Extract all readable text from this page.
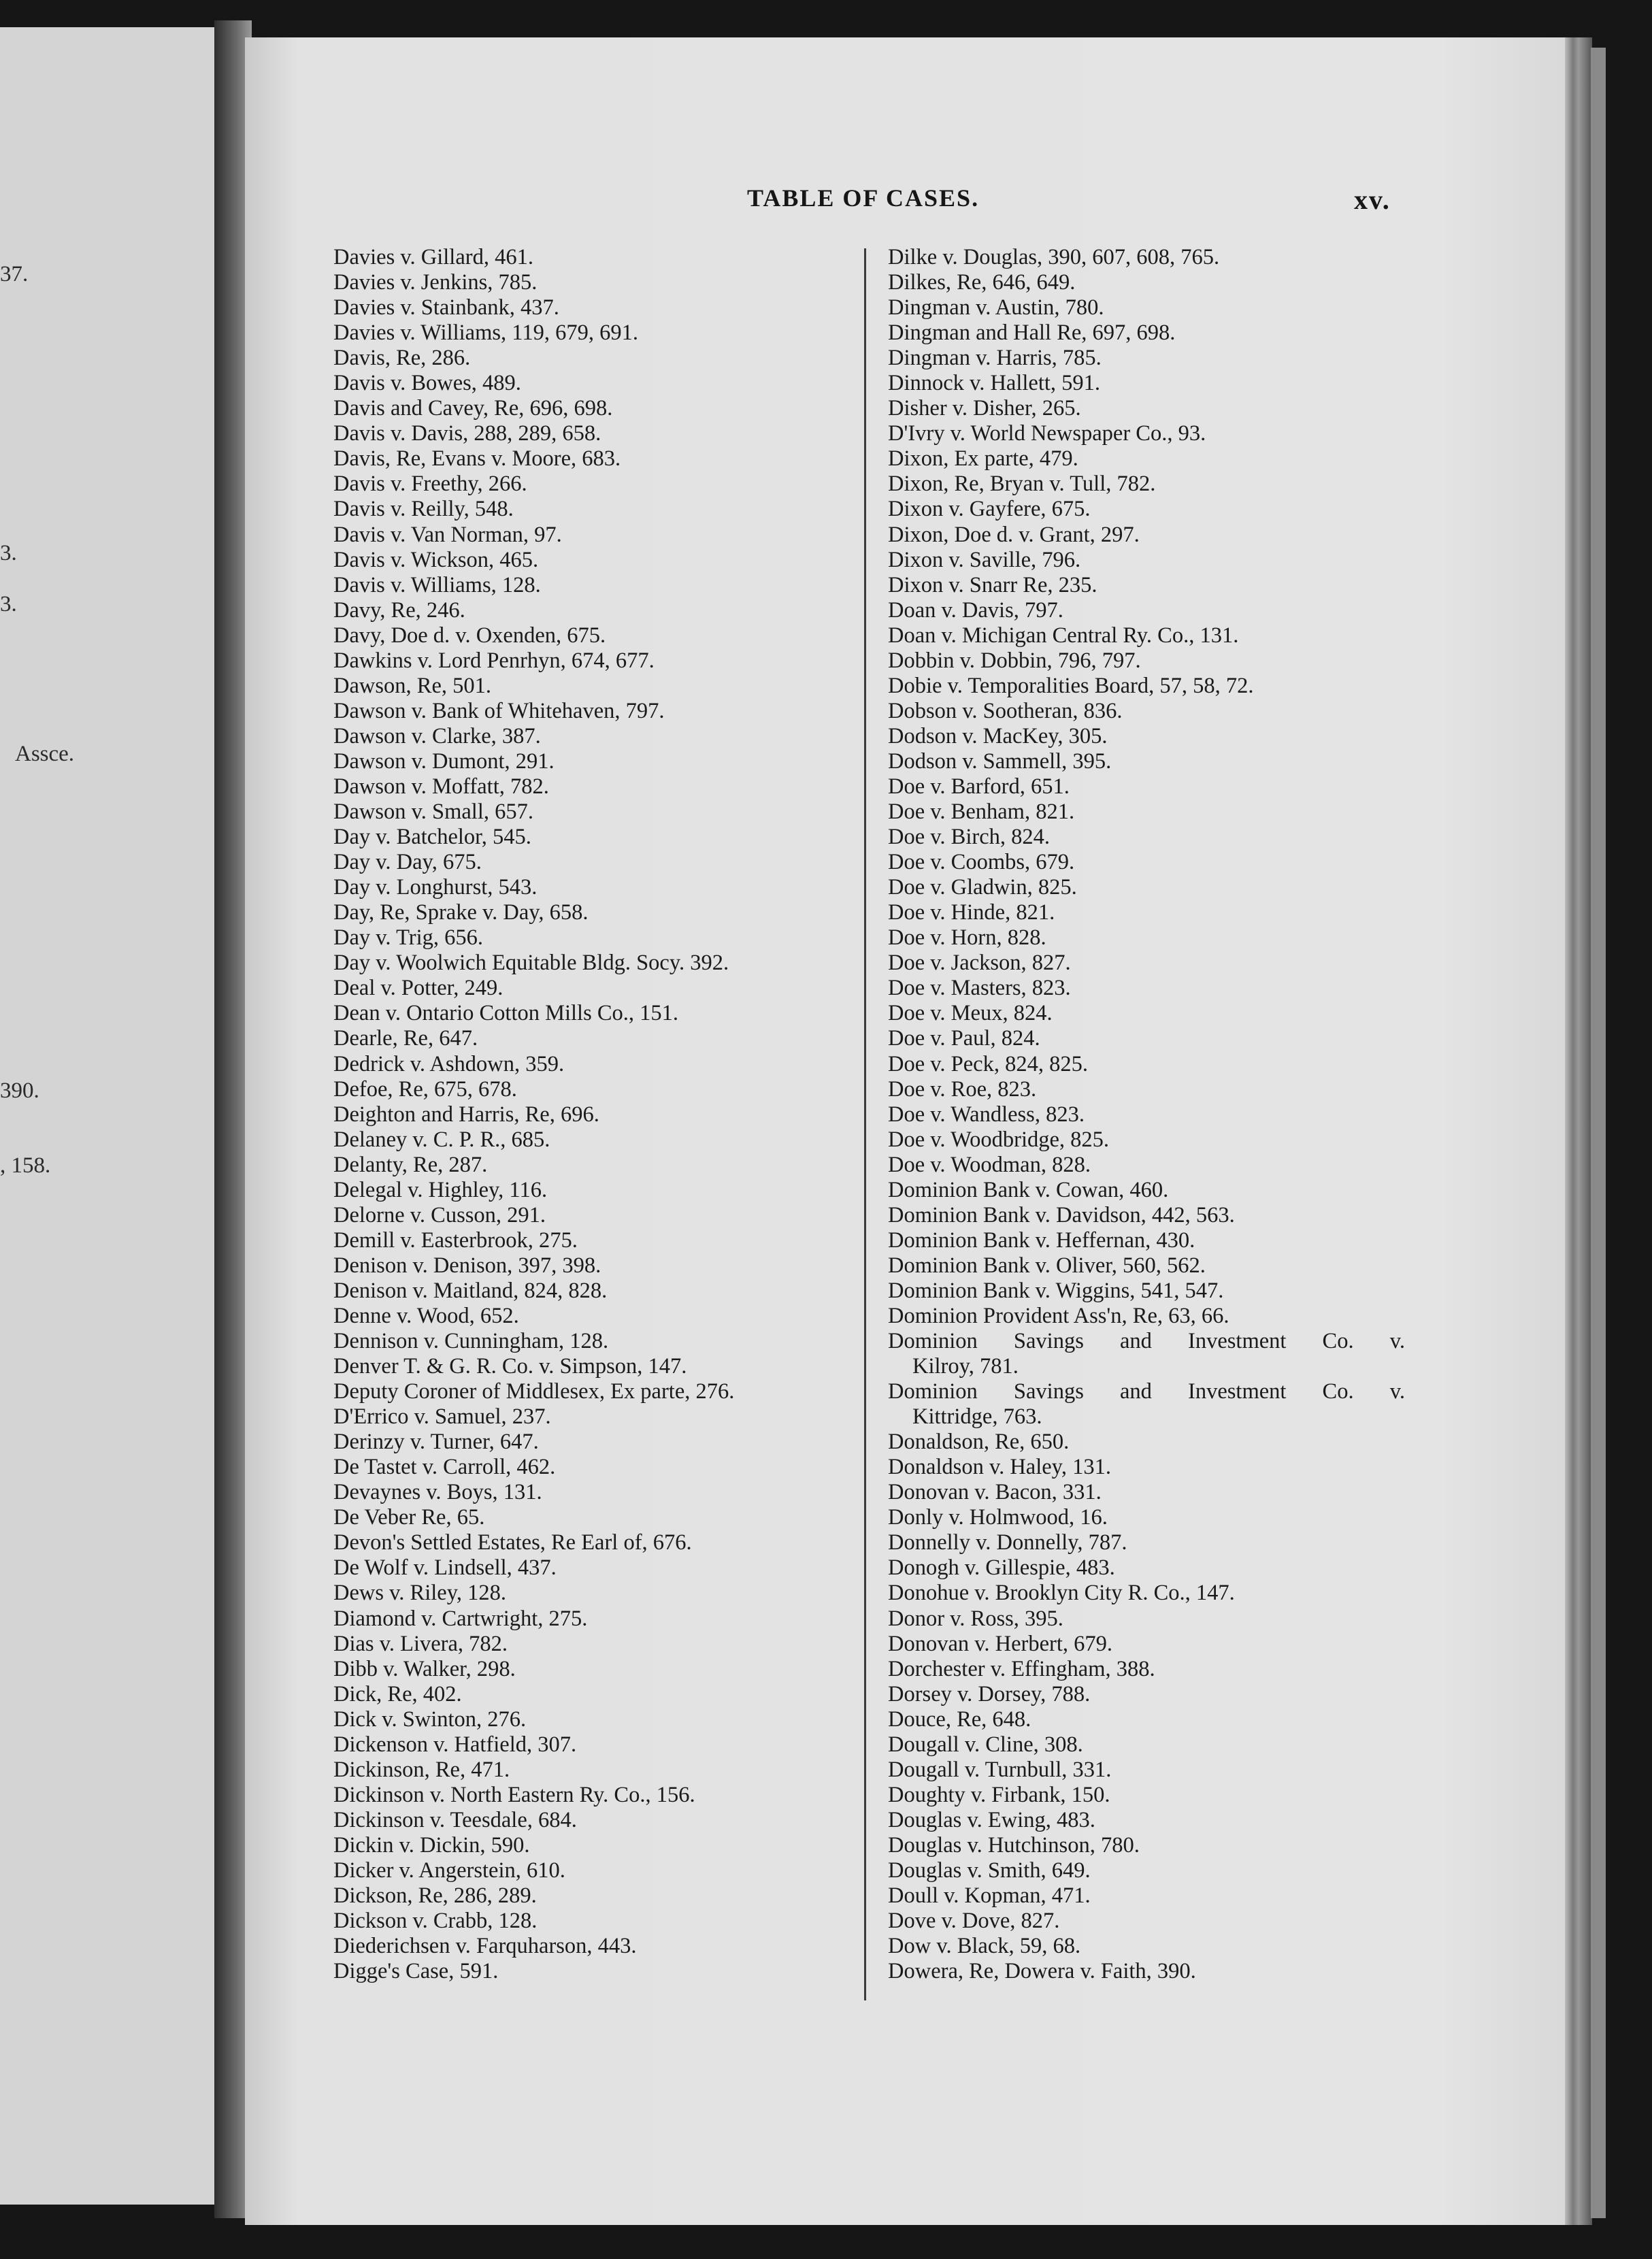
37.
3.
3.
Assce.
390.
, 158.
TABLE OF CASES.	xv.
Davies v. Gillard, 461.
Davies v. Jenkins, 785.
Davies v. Stainbank, 437.
Davies v. Williams, 119, 679, 691.
Davis, Re, 286.
Davis v. Bowes, 489.
Davis and Cavey, Re, 696, 698.
Davis v. Davis, 288, 289, 658.
Davis, Re, Evans v. Moore, 683.
Davis v. Freethy, 266.
Davis v. Reilly, 548.
Davis v. Van Norman, 97.
Davis v. Wickson, 465.
Davis v. Williams, 128.
Davy, Re, 246.
Davy, Doe d. v. Oxenden, 675.
Dawkins v. Lord Penrhyn, 674, 677.
Dawson, Re, 501.
Dawson v. Bank of Whitehaven, 797.
Dawson v. Clarke, 387.
Dawson v. Dumont, 291.
Dawson v. Moffatt, 782.
Dawson v. Small, 657.
Day v. Batchelor, 545.
Day v. Day, 675.
Day v. Longhurst, 543.
Day, Re, Sprake v. Day, 658.
Day v. Trig, 656.
Day v. Woolwich Equitable Bldg. Socy. 392.
Deal v. Potter, 249.
Dean v. Ontario Cotton Mills Co., 151.
Dearle, Re, 647.
Dedrick v. Ashdown, 359.
Defoe, Re, 675, 678.
Deighton and Harris, Re, 696.
Delaney v. C. P. R., 685.
Delanty, Re, 287.
Delegal v. Highley, 116.
Delorne v. Cusson, 291.
Demill v. Easterbrook, 275.
Denison v. Denison, 397, 398.
Denison v. Maitland, 824, 828.
Denne v. Wood, 652.
Dennison v. Cunningham, 128.
Denver T. & G. R. Co. v. Simpson, 147.
Deputy Coroner of Middlesex, Ex parte, 276.
D'Errico v. Samuel, 237.
Derinzy v. Turner, 647.
De Tastet v. Carroll, 462.
Devaynes v. Boys, 131.
De Veber Re, 65.
Devon's Settled Estates, Re Earl of, 676.
De Wolf v. Lindsell, 437.
Dews v. Riley, 128.
Diamond v. Cartwright, 275.
Dias v. Livera, 782.
Dibb v. Walker, 298.
Dick, Re, 402.
Dick v. Swinton, 276.
Dickenson v. Hatfield, 307.
Dickinson, Re, 471.
Dickinson v. North Eastern Ry. Co., 156.
Dickinson v. Teesdale, 684.
Dickin v. Dickin, 590.
Dicker v. Angerstein, 610.
Dickson, Re, 286, 289.
Dickson v. Crabb, 128.
Diederichsen v. Farquharson, 443.
Digge's Case, 591.
Dilke v. Douglas, 390, 607, 608, 765.
Dilkes, Re, 646, 649.
Dingman v. Austin, 780.
Dingman and Hall Re, 697, 698.
Dingman v. Harris, 785.
Dinnock v. Hallett, 591.
Disher v. Disher, 265.
D'Ivry v. World Newspaper Co., 93.
Dixon, Ex parte, 479.
Dixon, Re, Bryan v. Tull, 782.
Dixon v. Gayfere, 675.
Dixon, Doe d. v. Grant, 297.
Dixon v. Saville, 796.
Dixon v. Snarr Re, 235.
Doan v. Davis, 797.
Doan v. Michigan Central Ry. Co., 131.
Dobbin v. Dobbin, 796, 797.
Dobie v. Temporalities Board, 57, 58, 72.
Dobson v. Sootheran, 836.
Dodson v. MacKey, 305.
Dodson v. Sammell, 395.
Doe v. Barford, 651.
Doe v. Benham, 821.
Doe v. Birch, 824.
Doe v. Coombs, 679.
Doe v. Gladwin, 825.
Doe v. Hinde, 821.
Doe v. Horn, 828.
Doe v. Jackson, 827.
Doe v. Masters, 823.
Doe v. Meux, 824.
Doe v. Paul, 824.
Doe v. Peck, 824, 825.
Doe v. Roe, 823.
Doe v. Wandless, 823.
Doe v. Woodbridge, 825.
Doe v. Woodman, 828.
Dominion Bank v. Cowan, 460.
Dominion Bank v. Davidson, 442, 563.
Dominion Bank v. Heffernan, 430.
Dominion Bank v. Oliver, 560, 562.
Dominion Bank v. Wiggins, 541, 547.
Dominion Provident Ass'n, Re, 63, 66.
Dominion Savings and Investment Co. v.
Kilroy, 781.
Dominion Savings and Investment Co. v.
Kittridge, 763.
Donaldson, Re, 650.
Donaldson v. Haley, 131.
Donovan v. Bacon, 331.
Donly v. Holmwood, 16.
Donnelly v. Donnelly, 787.
Donogh v. Gillespie, 483.
Donohue v. Brooklyn City R. Co., 147.
Donor v. Ross, 395.
Donovan v. Herbert, 679.
Dorchester v. Effingham, 388.
Dorsey v. Dorsey, 788.
Douce, Re, 648.
Dougall v. Cline, 308.
Dougall v. Turnbull, 331.
Doughty v. Firbank, 150.
Douglas v. Ewing, 483.
Douglas v. Hutchinson, 780.
Douglas v. Smith, 649.
Doull v. Kopman, 471.
Dove v. Dove, 827.
Dow v. Black, 59, 68.
Dowera, Re, Dowera v. Faith, 390.
